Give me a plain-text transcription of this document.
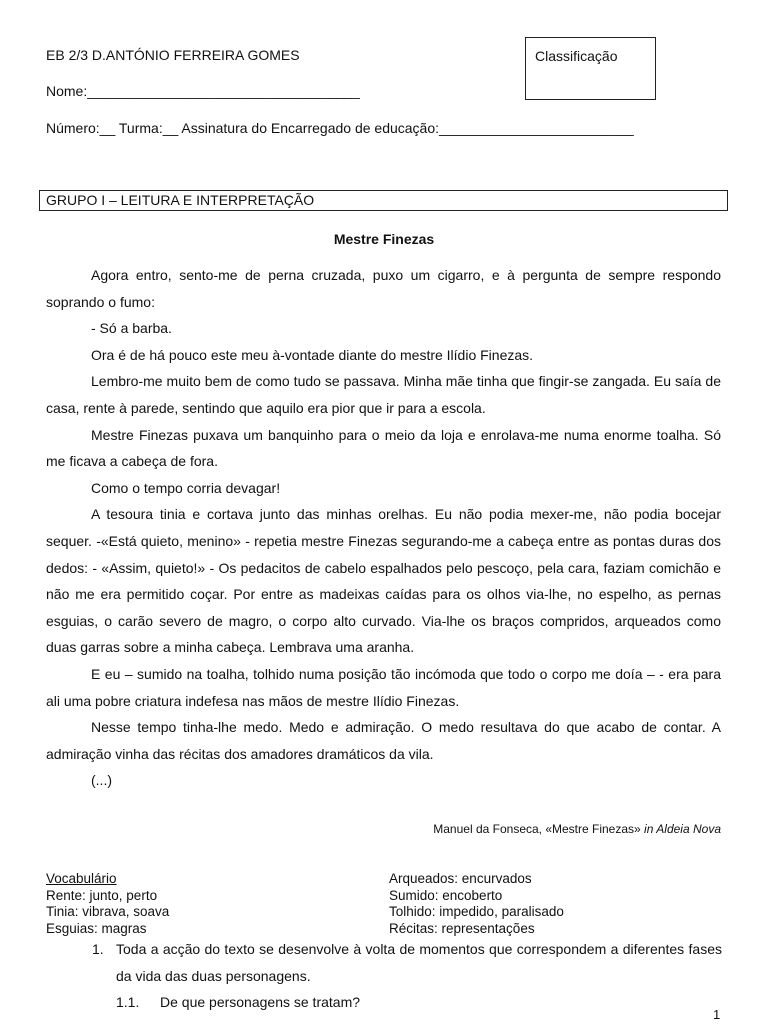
EB 2/3 D.ANTÓNIO FERREIRA GOMES
Nome:___________________________________
Número:__ Turma:__ Assinatura do Encarregado de educação:_________________________
Classificação
GRUPO I – LEITURA E INTERPRETAÇÃO
Mestre Finezas

Agora entro, sento-me de perna cruzada, puxo um cigarro, e à pergunta de sempre respondo soprando o fumo:

- Só a barba.

Ora é de há pouco este meu à-vontade diante do mestre Ilídio Finezas.

Lembro-me muito bem de como tudo se passava. Minha mãe tinha que fingir-se zangada. Eu saía de casa, rente à parede, sentindo que aquilo era pior que ir para a escola.

Mestre Finezas puxava um banquinho para o meio da loja e enrolava-me numa enorme toalha. Só me ficava a cabeça de fora.

Como o tempo corria devagar!

A tesoura tinia e cortava junto das minhas orelhas. Eu não podia mexer-me, não podia bocejar sequer. -«Está quieto, menino» - repetia mestre Finezas segurando-me a cabeça entre as pontas duras dos dedos: - «Assim, quieto!» - Os pedacitos de cabelo espalhados pelo pescoço, pela cara, faziam comichão e não me era permitido coçar. Por entre as madeixas caídas para os olhos via-lhe, no espelho, as pernas esguias, o carão severo de magro, o corpo alto curvado. Via-lhe os braços compridos, arqueados como duas garras sobre a minha cabeça. Lembrava uma aranha.

E eu – sumido na toalha, tolhido numa posição tão incómoda que todo o corpo me doía – - era para ali uma pobre criatura indefesa nas mãos de mestre Ilídio Finezas.

Nesse tempo tinha-lhe medo. Medo e admiração. O medo resultava do que acabo de contar. A admiração vinha das récitas dos amadores dramáticos da vila.

(...)

Manuel da Fonseca, «Mestre Finezas» in Aldeia Nova
Vocabulário
Rente: junto, perto
Tinia: vibrava, soava
Esguias: magras
Arqueados: encurvados
Sumido: encoberto
Tolhido: impedido, paralisado
Récitas: representações
1. Toda a acção do texto se desenvolve à volta de momentos que correspondem a diferentes fases da vida das duas personagens.
1.1. De que personagens se tratam?
1
